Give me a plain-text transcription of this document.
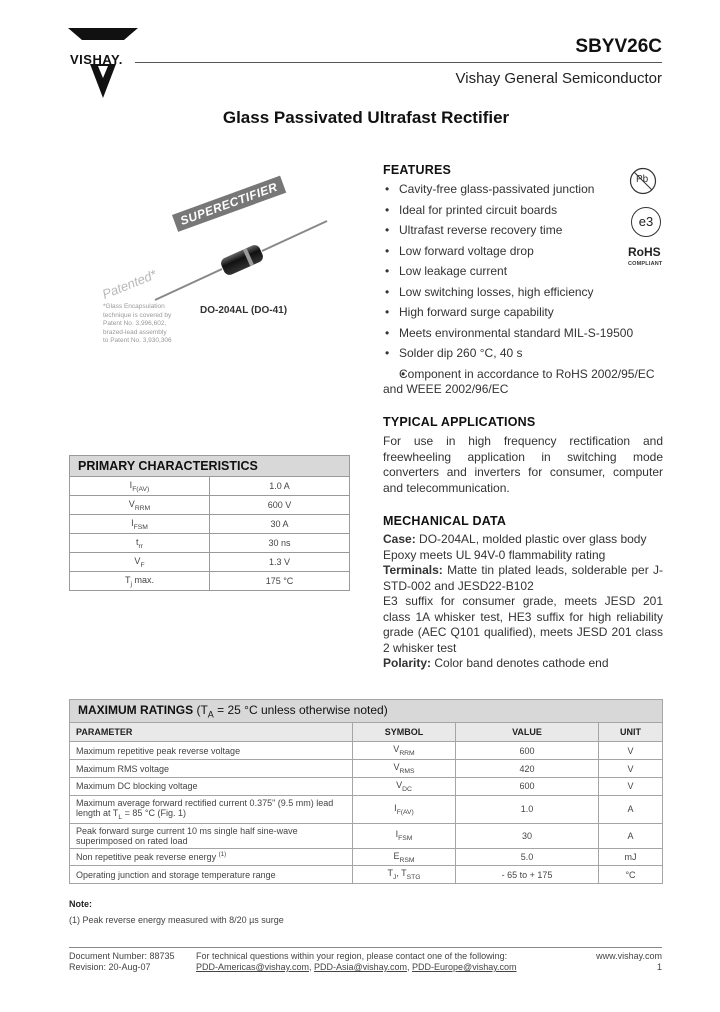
VISHAY.
SBYV26C
Vishay General Semiconductor
Glass Passivated Ultrafast Rectifier
SUPERECTIFIER
Patented*
*Glass Encapsulation
technique is covered by
Patent No. 3,996,602,
brazed-lead assembly
to Patent No. 3,930,306
DO-204AL (DO-41)
Pb
e3
RoHS
COMPLIANT
FEATURES
• Cavity-free glass-passivated junction
• Ideal for printed circuit boards
• Ultrafast reverse recovery time
• Low forward voltage drop
• Low leakage current
• Low switching losses, high efficiency
• High forward surge capability
• Meets environmental standard MIL-S-19500
• Solder dip 260 °C, 40 s
• Component in accordance to RoHS 2002/95/EC and WEEE 2002/96/EC
TYPICAL APPLICATIONS
For use in high frequency rectification and freewheeling application in switching mode converters and inverters for consumer, computer and telecommunication.
MECHANICAL DATA
Case: DO-204AL, molded plastic over glass body
Epoxy meets UL 94V-0 flammability rating
Terminals: Matte tin plated leads, solderable per J-STD-002 and JESD22-B102
E3 suffix for consumer grade, meets JESD 201 class 1A whisker test, HE3 suffix for high reliability grade (AEC Q101 qualified), meets JESD 201 class 2 whisker test
Polarity: Color band denotes cathode end
PRIMARY CHARACTERISTICS	
$I_{F(AV)}$	1.0 A
$V_{RRM}$	600 V
$I_{FSM}$	30 A
$t_{rr}$	30 ns
$V_F$	1.3 V
$T_j$ max.	175 °C
MAXIMUM RATINGS ($T_A = 25$ °C unless otherwise noted)			
PARAMETER	SYMBOL	VALUE	UNIT
Maximum repetitive peak reverse voltage	$V_{RRM}$	600	V
Maximum RMS voltage	$V_{RMS}$	420	V
Maximum DC blocking voltage	$V_{DC}$	600	V
Maximum average forward rectified current 0.375" (9.5 mm) lead length at $T_L = 85$ °C (Fig. 1)	$I_{F(AV)}$	1.0	A
Peak forward surge current 10 ms single half sine-wave superimposed on rated load	$I_{FSM}$	30	A
Non repetitive peak reverse energy $^{(1)}$	$E_{RSM}$	5.0	mJ
Operating junction and storage temperature range	$T_J$, $T_{STG}$	- 65 to + 175	°C
Note:
(1) Peak reverse energy measured with 8/20 µs surge
Document Number: 88735
Revision: 20-Aug-07
For technical questions within your region, please contact one of the following:
PDD-Americas@vishay.com, PDD-Asia@vishay.com, PDD-Europe@vishay.com
www.vishay.com
1
